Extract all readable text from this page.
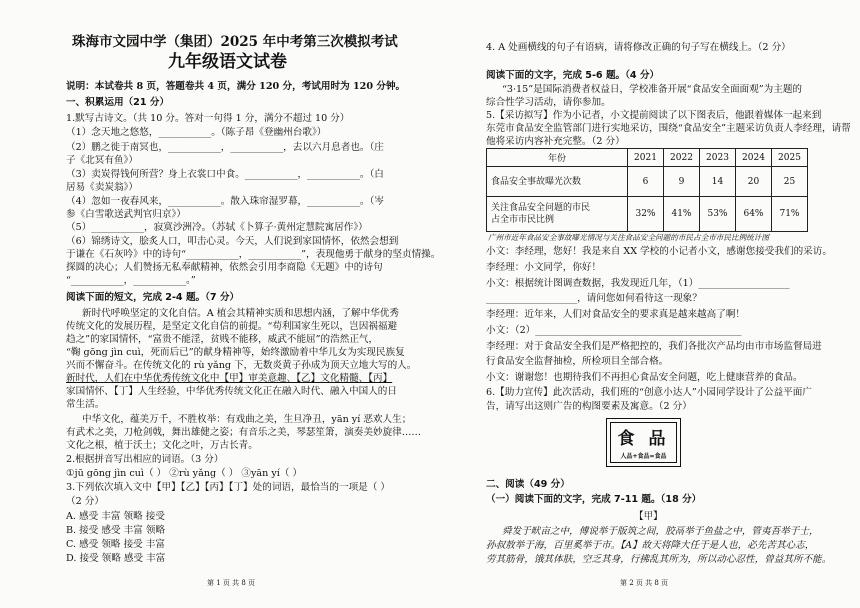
珠海市文园中学（集团）2025 年中考第三次模拟考试
九年级语文试卷
说明：本试卷共 8 页，答题卷共 4 页，满分 120 分，考试用时为 120 分钟。
一、积累运用（21 分）
1.默写古诗文。（共 10 分。答对一句得 1 分，满分不超过 10 分）
（1）念天地之悠悠，___________。（陈子昂《登幽州台歌》）
（2）鹏之徙于南冥也，___________，___________，去以六月息者也。（庄
子《北冥有鱼》）
（3）卖炭得钱何所营？身上衣裳口中食。___________，___________。（白
居易《卖炭翁》）
（4）忽如一夜春风来，___________。散入珠帘湿罗幕，___________。（岑
参《白雪歌送武判官归京》）
（5）___________，寂寞沙洲冷。（苏轼《卜算子·黄州定慧院寓居作》）
（6）锦绣诗文，脍炙人口，叩击心灵。今天，人们说到家国情怀，依然会想到
于谦在《石灰吟》中的诗句“___________，___________”，表现他勇于献身的坚贞情操。
探圆的决心；人们赞扬无私奉献精神，依然会引用李商隐《无题》中的诗句
“___________，___________。”
阅读下面的短文，完成 2-4 题。（7 分）
新时代呼唤坚定的文化自信。A 植会其精神实质和思想内涵，了解中华优秀
传统文化的发展历程，是坚定文化自信的前提。“苟利国家生死以，岂因祸福避
趋之”的家国情怀，“富贵不能淫，贫贱不能移，威武不能屈”的浩然正气，
“鞠 gōng jìn cuì，死而后已”的献身精神等，始终激励着中华儿女为实现民族复
兴而不懈奋斗。在传统文化的 rù yǎng 下，无数炎黄子孙成为顶天立地大写的人。
新时代，人们在中华优秀传统文化中【甲】审美意趣、【乙】文化精髓、【丙】
家国情怀、【丁】人生经验，中华优秀传统文化正在融入时代、融入中国人的日
常生活。
中华文化，蕴美万千，不胜枚举：有戏曲之美，生旦净丑，yān yí 恶欢人生；
有武术之美，刀枪剑戟，舞出雄健之姿；有音乐之美，琴瑟笙箫，演奏美妙旋律……
文化之根，植于沃土；文化之叶，万古长青。
2.根据拼音写出相应的词语。（3 分）
①jū gōng jìn cuì（ ） ②rù yǎng（ ） ③yān yí（ ）
3.下列依次填入文中【甲】【乙】【丙】【丁】处的词语，最恰当的一项是（ ）
（2 分）
A. 感受 丰富 领略 接受
B. 接受 感受 丰富 领略
C. 感受 领略 接受 丰富
D. 接受 领略 感受 丰富
第 1 页 共 8 页
4. A 处画横线的句子有语病，请将修改正确的句子写在横线上。（2 分）
阅读下面的文字，完成 5-6 题。（4 分）
“3·15”是国际消费者权益日，学校准备开展“食品安全面面观”为主题的
综合性学习活动，请你参加。
5.【采访拟写】作为小记者，小文提前阅读了以下图表后，他跟着媒体一起来到
东莞市食品安全监管部门进行实地采访，围绕“食品安全”主题采访负责人李经理，请帮
他将采访内容补充完整。（2 分）
年份	2021	2022	2023	2024	2025
食品安全事故曝光次数	6	9	14	20	25

关注食品安全问题的市民
占全市市民比例	32%	41%	53%	64%	71%
广州市近年食品安全事故曝光情况与关注食品安全问题的市民占全市市民比例统计图
小文：李经理，您好！我是来自 XX 学校的小记者小文，感谢您接受我们的采访。
李经理：小文同学，你好！
小文：根据统计图调查数据，我发现近几年，（1）___________________
___________________，请问您如何看待这一现象？
李经理：近年来，人们对食品安全的要求真是越来越高了啊！
小文：（2）___________________________________________
李经理：对于食品安全我们是严格把控的，我们各批次产品均由市市场监督局进
行食品安全监督抽检，所检项目全部合格。
小文：谢谢您！也期待我们不再担心食品安全问题，吃上健康营养的食品。
6.【助力宣传】此次活动，我们班的“创意小达人”小园同学设计了公益平面广
告，请写出这则广告的构图要素及寓意。（2 分）
食 品
人品+食品=食品
二、阅读（49 分）
（一）阅读下面的文字，完成 7-11 题。（18 分）
【甲】
舜发于畎亩之中，傅说举于版筑之间，胶鬲举于鱼盐之中，管夷吾举于士，
孙叔敖举于海，百里奚举于市。【A】故天将降大任于是人也，必先苦其心志，
劳其筋骨，饿其体肤，空乏其身，行拂乱其所为，所以动心忍性，曾益其所不能。
第 2 页 共 8 页
